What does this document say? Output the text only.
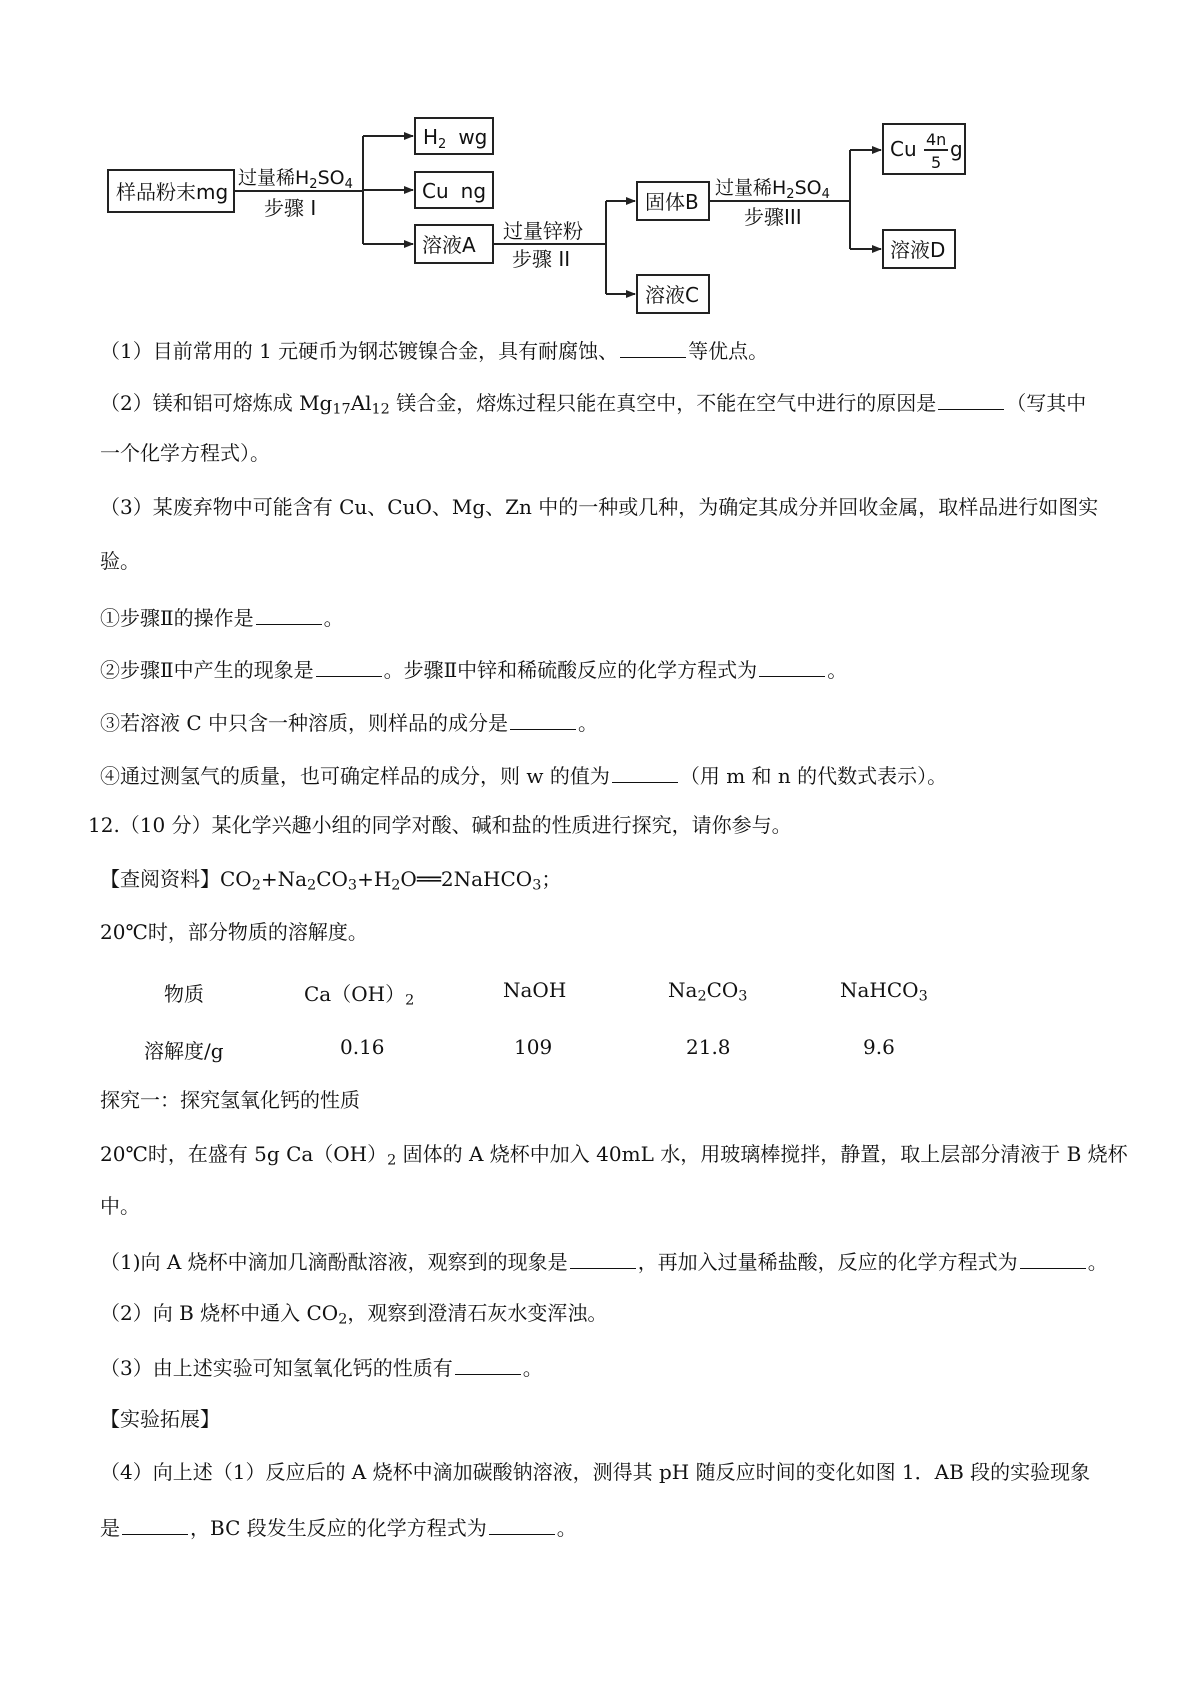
样品粉末mg
过量稀$H_2SO_4$
步骤 I
$H_2$ wg
Cu ng
溶液A
过量锌粉
步骤 II
固体B
溶液C
过量稀$H_2SO_4$
步骤III
Cu 4n
5
g
溶液D
（1）目前常用的 1 元硬币为钢芯镀镍合金，具有耐腐蚀、	等优点。
（2）镁和铝可熔炼成 $Mg_{17}Al_{12}$ 镁合金，熔炼过程只能在真空中，不能在空气中进行的原因是	（写其中
一个化学方程式）。
（3）某废弃物中可能含有 Cu、CuO、Mg、Zn 中的一种或几种，为确定其成分并回收金属，取样品进行如图实
验。
①步骤Ⅱ的操作是	。
②步骤Ⅱ中产生的现象是	。步骤Ⅱ中锌和稀硫酸反应的化学方程式为	。
③若溶液 C 中只含一种溶质，则样品的成分是	。
④通过测氢气的质量，也可确定样品的成分，则 w 的值为	（用 m 和 n 的代数式表示）。
12.（10 分）某化学兴趣小组的同学对酸、碱和盐的性质进行探究，请你参与。
【查阅资料】$CO_2+Na_2CO_3+H_2O══2NaHCO_3$；
20℃时，部分物质的溶解度。
物质	$Ca(OH)_2$	NaOH	$Na_2CO_3$	NaHCO$_3$
溶解度/g	0.16	109	21.8	9.6
探究一：探究氢氧化钙的性质
20℃时，在盛有 5g $Ca(OH)_2$ 固体的 A 烧杯中加入 40mL 水，用玻璃棒搅拌，静置，取上层部分清液于 B 烧杯
中。
（1)向 A 烧杯中滴加几滴酚酞溶液，观察到的现象是	，再加入过量稀盐酸，反应的化学方程式为	。
（2）向 B 烧杯中通入 $CO_2$，观察到澄清石灰水变浑浊。
（3）由上述实验可知氢氧化钙的性质有	。
【实验拓展】
（4）向上述（1）反应后的 A 烧杯中滴加碳酸钠溶液，测得其 pH 随反应时间的变化如图 1．AB 段的实验现象
是	，BC 段发生反应的化学方程式为	。
